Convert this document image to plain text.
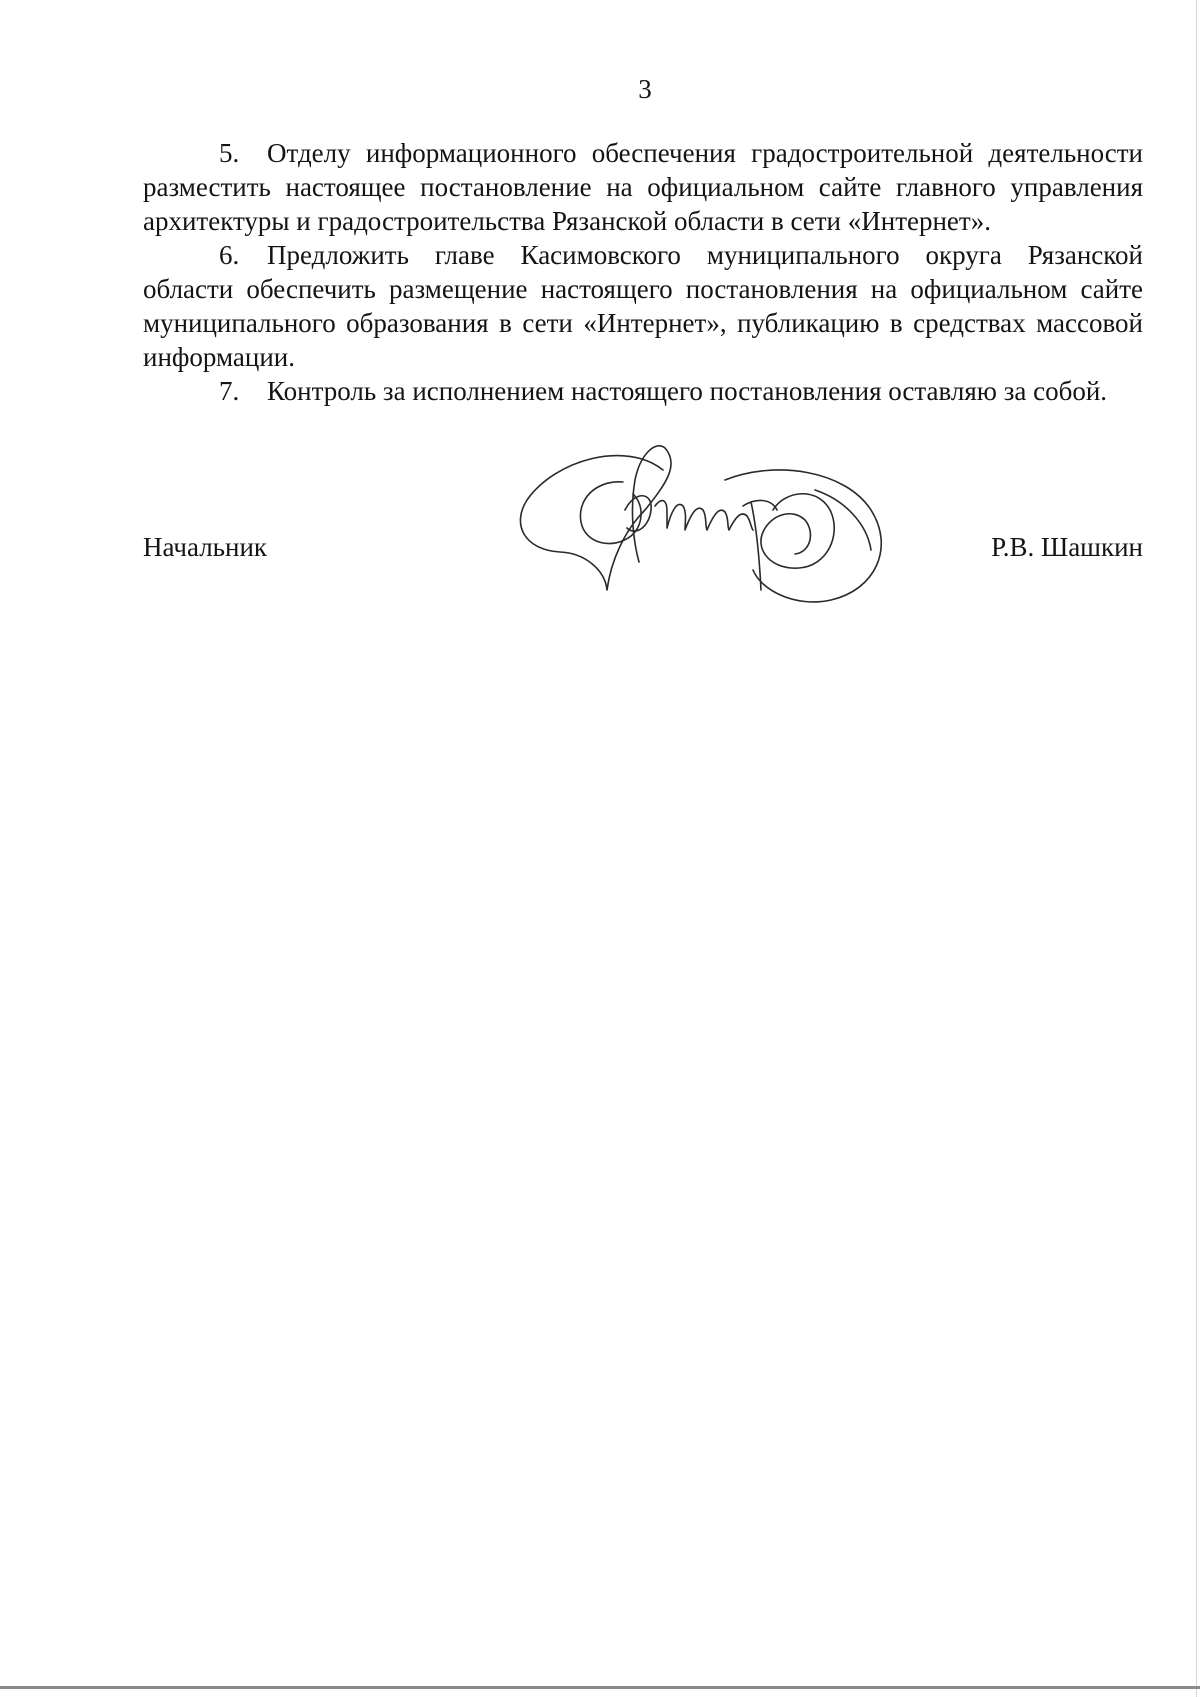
3

5. Отделу информационного обеспечения градостроительной деятельности разместить настоящее постановление на официальном сайте главного управления архитектуры и градостроительства Рязанской области в сети «Интернет».

6. Предложить главе Касимовского муниципального округа Рязанской области обеспечить размещение настоящего постановления на официальном сайте муниципального образования в сети «Интернет», публикацию в средствах массовой информации.

7. Контроль за исполнением настоящего постановления оставляю за собой.

Начальник	Р.В. Шашкин
